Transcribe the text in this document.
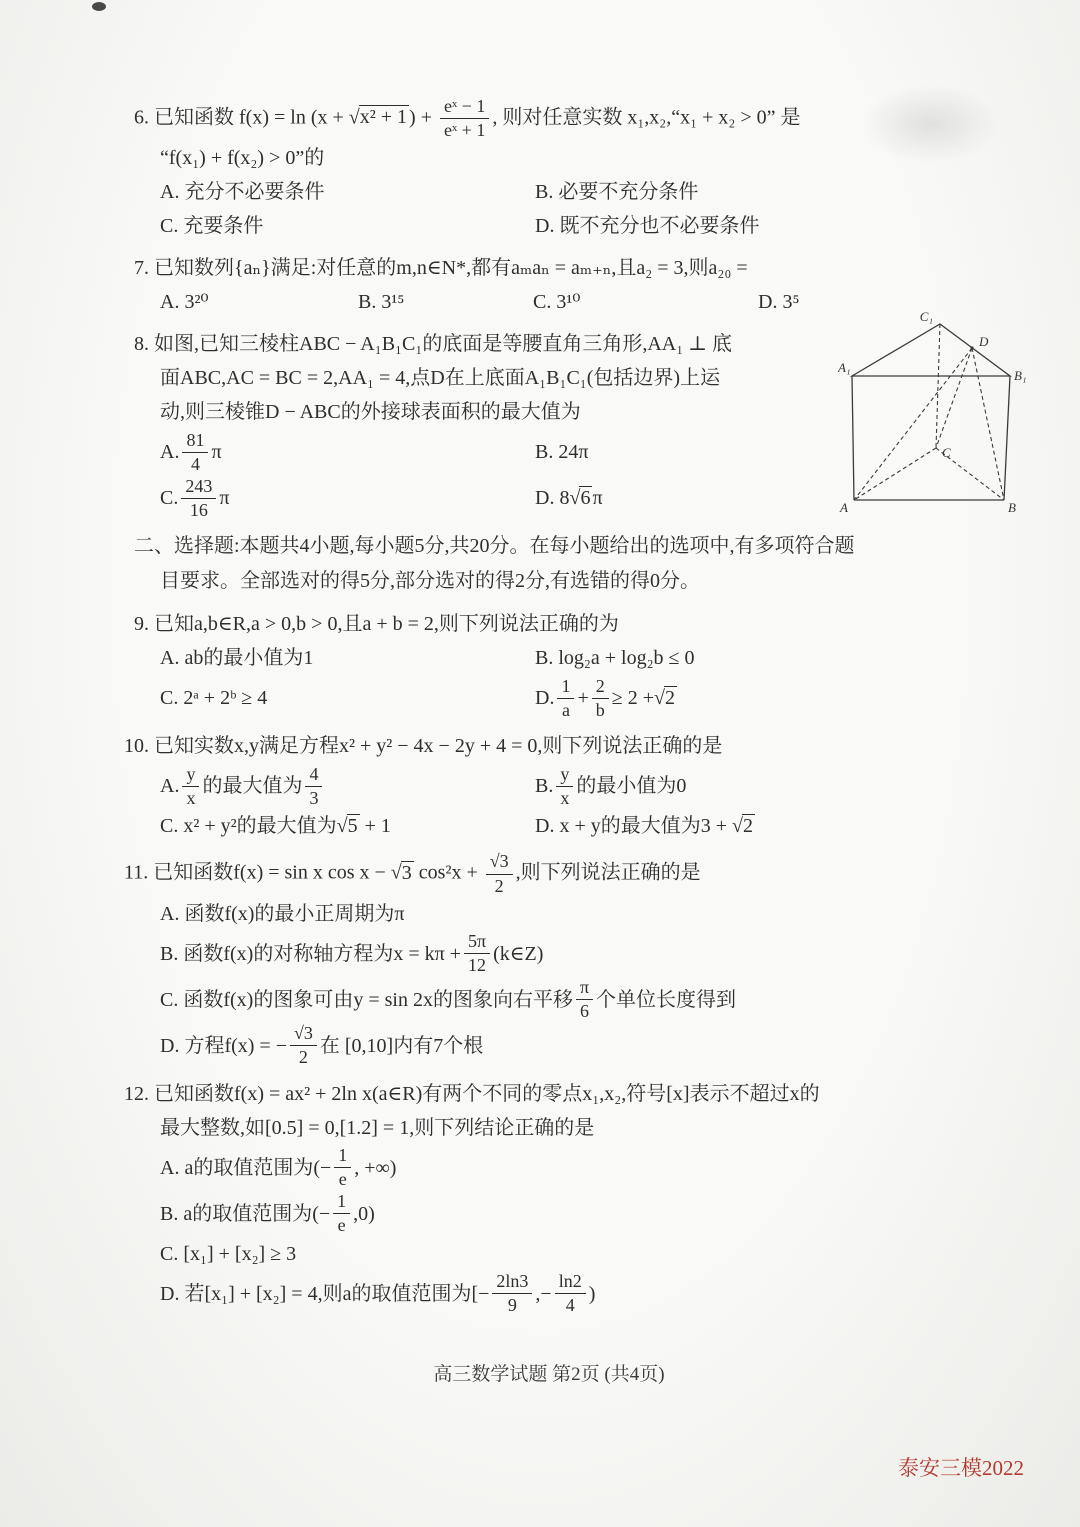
C₁
D
A₁
B₁
C
A	B
6. 已知函数 f(x) = ln (x + √x² + 1 ) + $\frac{\text{eˣ − 1}}{\text{eˣ + 1}}$ , 则对任意实数 x₁,x₂,“x₁ + x₂ > 0” 是
“f(x₁) + f(x₂) > 0”的
A. 充分不必要条件	B. 必要不充分条件
C. 充要条件	D. 既不充分也不必要条件
7. 已知数列{aₙ}满足:对任意的m,n∈N*,都有aₘaₙ = aₘ₊ₙ,且a₂ = 3,则a₂₀ =
A. 3²⁰	B. 3¹⁵	C. 3¹⁰	D. 3⁵
8. 如图,已知三棱柱ABC − A₁B₁C₁的底面是等腰直角三角形,AA₁ ⊥ 底
面ABC,AC = BC = 2,AA₁ = 4,点D在上底面A₁B₁C₁(包括边界)上运
动,则三棱锥D − ABC的外接球表面积的最大值为
A. $\frac{81}{4}$ π	B. 24π
C. $\frac{243}{16}$ π	D. 8 √6 π
二、选择题:本题共4小题,每小题5分,共20分。在每小题给出的选项中,有多项符合题
目要求。全部选对的得5分,部分选对的得2分,有选错的得0分。
9. 已知a,b∈R,a > 0,b > 0,且a + b = 2,则下列说法正确的为
A. ab的最小值为1	B. log₂a + log₂b ≤ 0
C. 2ᵃ + 2ᵇ ≥ 4	D. $\frac{1}{a} + \frac{2}{b} \ge 2 + √2$
10. 已知实数x,y满足方程x² + y² − 4x − 2y + 4 = 0,则下列说法正确的是
A. $\frac{y}{x}$ 的最大值为 $\frac{4}{3}$	B. $\frac{y}{x}$ 的最小值为0
C. x² + y²的最大值为√5 + 1	D. x + y的最大值为3 + √2
11. 已知函数f(x) = sin x cos x − √3 $\cos^2x + \frac{√3}{2}$ ,则下列说法正确的是
A. 函数f(x)的最小正周期为π
B. 函数f(x)的对称轴方程为$x = k\pi + \frac{5\pi}{12}$ (k∈Z)
C. 函数f(x)的图象可由y = sin 2x的图象向右平移 $\frac{\pi}{6}$ 个单位长度得到
D. 方程f(x) = − $\frac{√3}{2}$ 在 [0,10]内有7个根
12. 已知函数f(x) = ax² + 2ln x(a∈R)有两个不同的零点x₁,x₂,符号[x]表示不超过x的
最大整数,如[0.5] = 0,[1.2] = 1,则下列结论正确的是
A. a的取值范围为(− $\frac{1}{e}$ , +∞)
B. a的取值范围为(− $\frac{1}{e} ,0$)
C. [x₁] + [x₂] ≥ 3
D. 若[x₁] + [x₂] = 4,则a的取值范围为[− $\frac{2\ln 3}{9}$ ,− $\frac{\ln 2}{4}$ )
高三数学试题 第2页 (共4页)
泰安三模2022
